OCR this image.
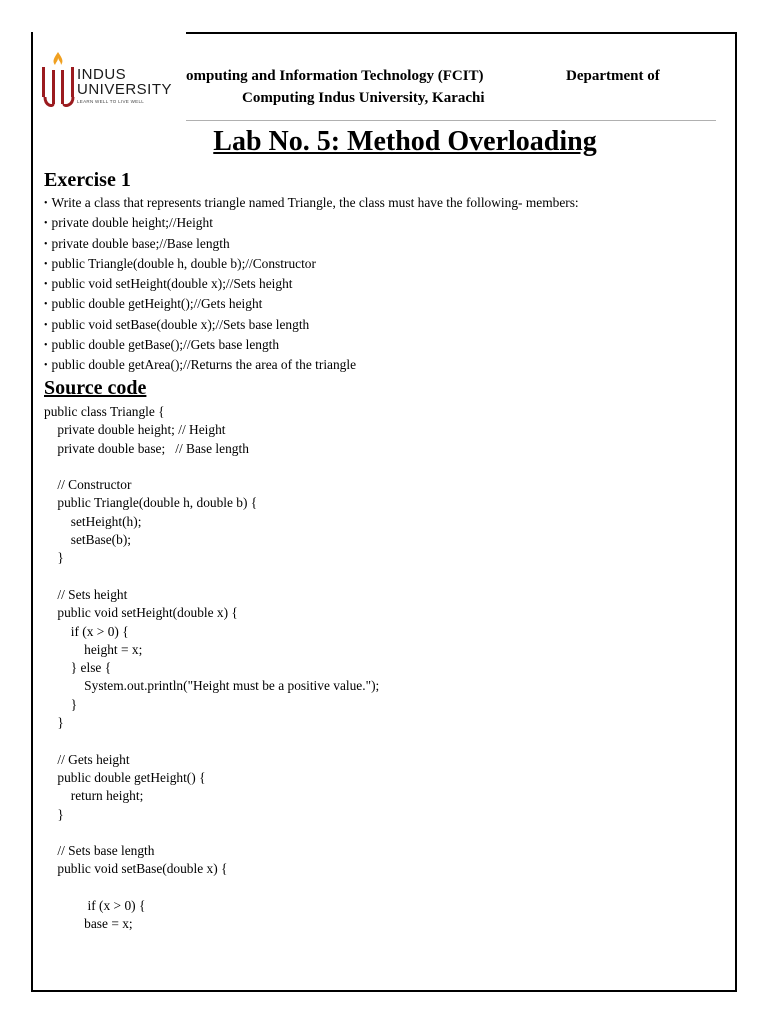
INDUS
UNIVERSITY
LEARN WELL TO LIVE WELL
omputing and Information Technology (FCIT)	Department of
Computing Indus University, Karachi
Lab No. 5: Method Overloading
Exercise 1
• Write a class that represents triangle named Triangle, the class must have the following- members:
• private double height;//Height
• private double base;//Base length
• public Triangle(double h, double b);//Constructor
• public void setHeight(double x);//Sets height
• public double getHeight();//Gets height
• public void setBase(double x);//Sets base length
• public double getBase();//Gets base length
• public double getArea();//Returns the area of the triangle
Source code
public class Triangle {
private double height; // Height
private double base;   // Base length
// Constructor
public Triangle(double h, double b) {
setHeight(h);
setBase(b);
}
// Sets height
public void setHeight(double x) {
if (x > 0) {
height = x;
} else {
System.out.println("Height must be a positive value.");
}
}
// Gets height
public double getHeight() {
return height;
}
// Sets base length
public void setBase(double x) {
if (x > 0) {
base = x;
